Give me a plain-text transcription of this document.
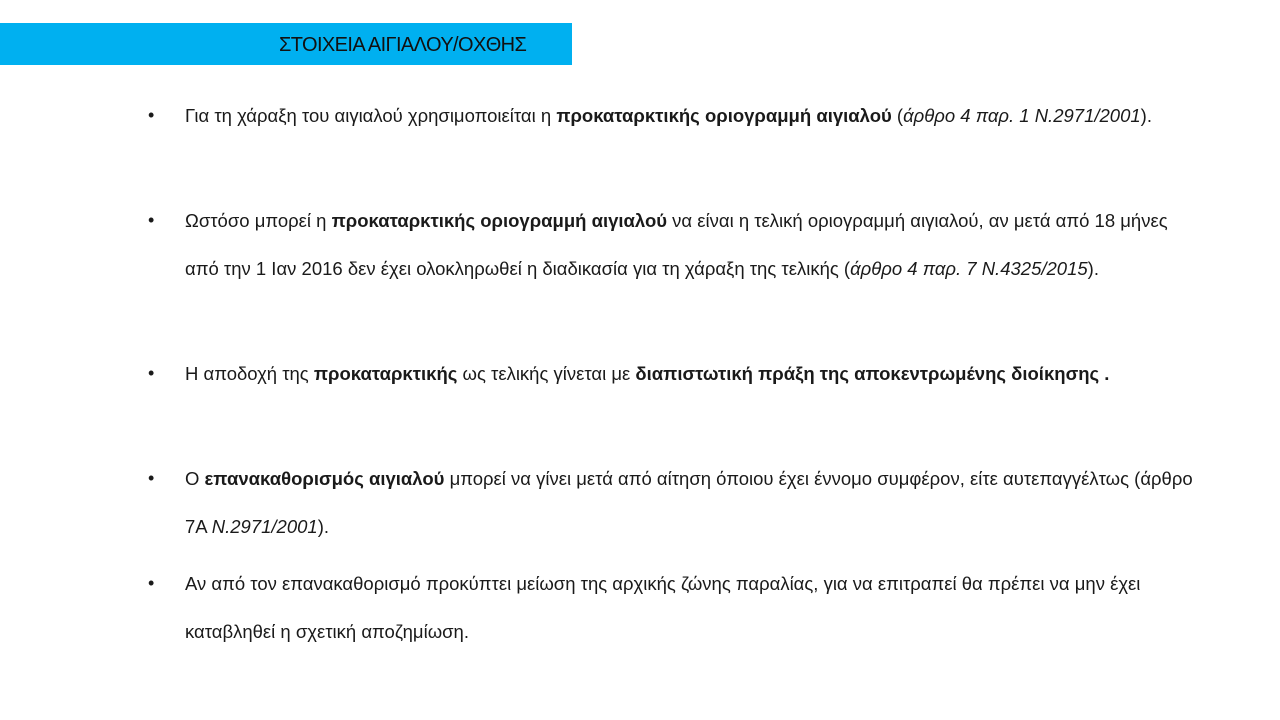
ΣΤΟΙΧΕΙΑ ΑΙΓΙΑΛΟΥ/ΟΧΘΗΣ
•	Για τη χάραξη του αιγιαλού χρησιμοποιείται η προκαταρκτικής οριογραμμή αιγιαλού (άρθρο 4 παρ. 1 Ν.2971/2001).
•	Ωστόσο μπορεί η προκαταρκτικής οριογραμμή αιγιαλού να είναι η τελική οριογραμμή αιγιαλού, αν μετά από 18 μήνες από την 1 Ιαν 2016 δεν έχει ολοκληρωθεί η διαδικασία για τη χάραξη της τελικής (άρθρο 4 παρ. 7 Ν.4325/2015).
•	Η αποδοχή της προκαταρκτικής ως τελικής γίνεται με διαπιστωτική πράξη της αποκεντρωμένης διοίκησης .
•	Ο επανακαθορισμός αιγιαλού μπορεί να γίνει μετά από αίτηση όποιου έχει έννομο συμφέρον, είτε αυτεπαγγέλτως (άρθρο 7Α Ν.2971/2001).
•	Αν από τον επανακαθορισμό προκύπτει μείωση της αρχικής ζώνης παραλίας, για να επιτραπεί θα πρέπει να μην έχει καταβληθεί η σχετική αποζημίωση.
